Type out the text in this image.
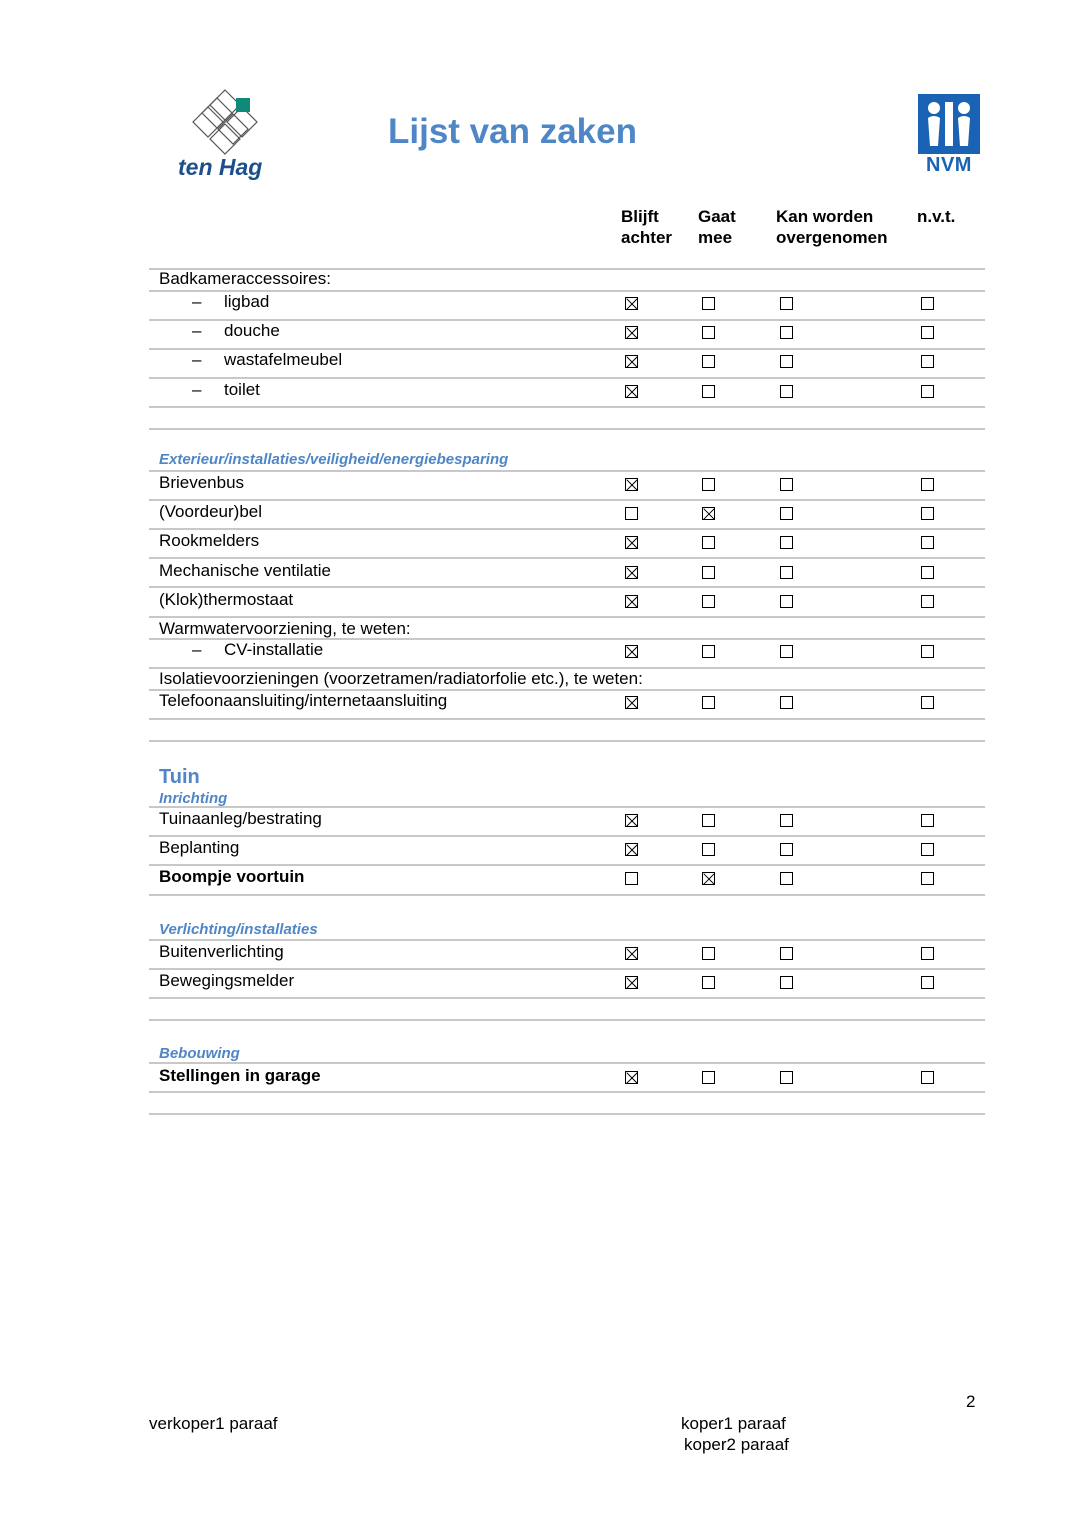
ten Hag
Lijst van zaken
NVM
Blijft
achter
Gaat
mee
Kan worden
overgenomen
n.v.t.
Badkameraccessoires:
– ligbad
– douche
– wastafelmeubel
– toilet
Exterieur/installaties/veiligheid/energiebesparing
Brievenbus
(Voordeur)bel
Rookmelders
Mechanische ventilatie
(Klok)thermostaat
Warmwatervoorziening, te weten:
– CV-installatie
Isolatievoorzieningen (voorzetramen/radiatorfolie etc.), te weten:
Telefoonaansluiting/internetaansluiting
Tuin
Inrichting
Tuinaanleg/bestrating
Beplanting
Boompje voortuin
Verlichting/installaties
Buitenverlichting
Bewegingsmelder
Bebouwing
Stellingen in garage
2
verkoper1 paraaf	koper1 paraaf
koper2 paraaf
